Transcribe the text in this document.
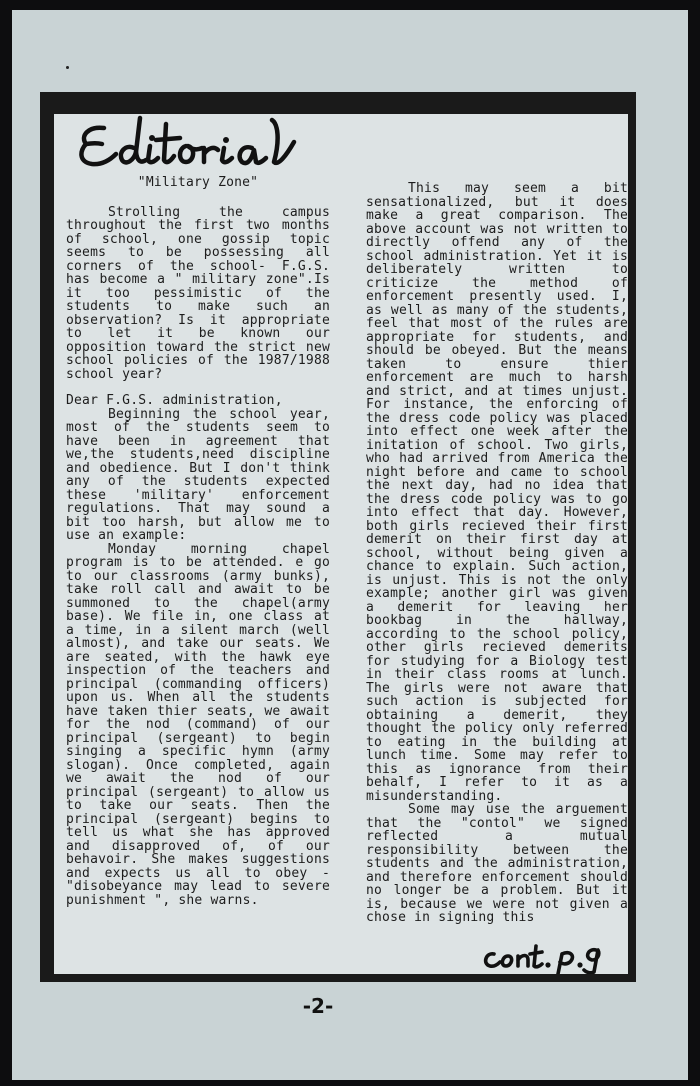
"Military Zone"

Strolling the campus throughout the first two months of school, one gossip topic seems to be possessing all corners of the school- F.G.S. has become a " military zone".Is it too pessimistic of the students to make such an observation? Is it appropriate to let it be known our opposition toward the strict new school policies of the 1987/1988 school year?

Dear F.G.S. administration,

Beginning the school year, most of the students seem to have been in agreement that we,the students,need discipline and obedience. But I don't think any of the students expected these 'military' enforcement regulations. That may sound a bit too harsh, but allow me to use an example:

Monday morning chapel program is to be attended. e go to our classrooms (army bunks), take roll call and await to be summoned to the chapel(army base). We file in, one class at a time, in a silent march (well almost), and take our seats. We are seated, with the hawk eye inspection of the teachers and principal (commanding officers) upon us. When all the students have taken thier seats, we await for the nod (command) of our principal (sergeant) to begin singing a specific hymn (army slogan). Once completed, again we await the nod of our principal (sergeant) to allow us to take our seats. Then the principal (sergeant) begins to tell us what she has approved and disapproved of, of our behavoir. She makes suggestions and expects us all to obey - "disobeyance may lead to severe punishment ", she warns.

This may seem a bit sensationalized, but it does make a great comparison. The above account was not written to directly offend any of the school administration. Yet it is deliberately written to criticize the method of enforcement presently used. I, as well as many of the students, feel that most of the rules are appropriate for students, and should be obeyed. But the means taken to ensure thier enforcement are much to harsh and strict, and at times unjust. For instance, the enforcing of the dress code policy was placed into effect one week after the initation of school. Two girls, who had arrived from America the night before and came to school the next day, had no idea that the dress code policy was to go into effect that day. However, both girls recieved their first demerit on their first day at school, without being given a chance to explain. Such action, is unjust. This is not the only example; another girl was given a demerit for leaving her bookbag in the hallway, according to the school policy, other girls recieved demerits for studying for a Biology test in their class rooms at lunch. The girls were not aware that such action is subjected for obtaining a demerit, they thought the policy only referred to eating in the building at lunch time. Some may refer to this as ignorance from their behalf, I refer to it as a misunderstanding.

Some may use the arguement that the "contol" we signed reflected a mutual responsibility between the students and the administration, and therefore enforcement should no longer be a problem. But it is, because we were not given a chose in signing this

-2-
